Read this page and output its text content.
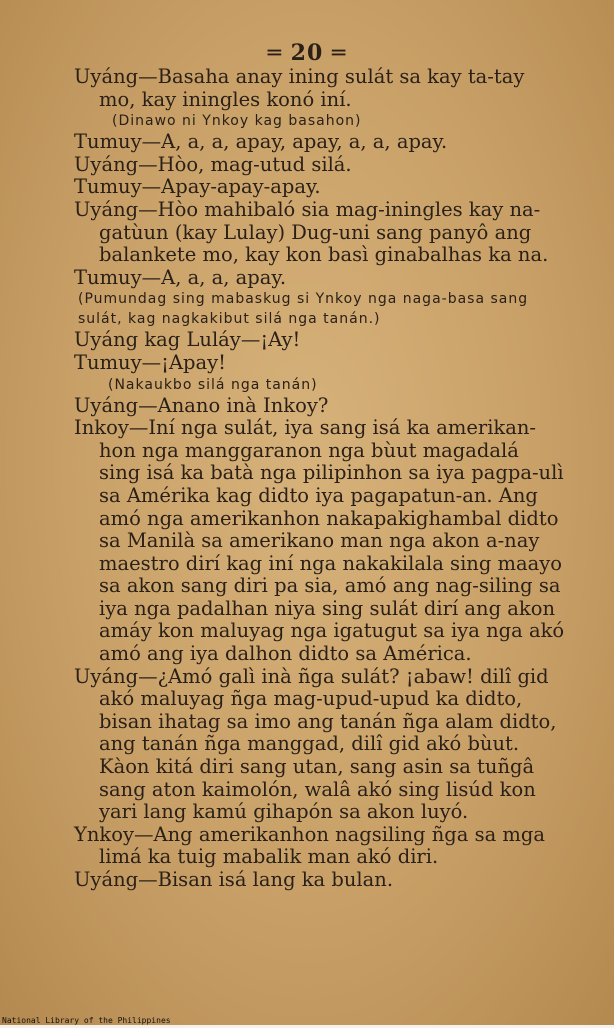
═ 20 ═

Uyáng—Basaha anay ining sulát sa kay ta-tay mo, kay iningles konó iní.

(Dinawo ni Ynkoy kag basahon)

Tumuy—A, a, a, apay, apay, a, a, apay.

Uyáng—Hòo, mag-utud silá.

Tumuy—Apay-apay-apay.

Uyáng—Hòo mahibaló sia mag-iningles kay na-gatùun (kay Lulay) Dug-uni sang panyô ang balankete mo, kay kon basì ginabalhas ka na.

Tumuy—A, a, a, apay.

(Pumundag sing mabaskug si Ynkoy nga naga-basa sang sulát, kag nagkakibut silá nga tanán.)

Uyáng kag Luláy—¡Ay!

Tumuy—¡Apay!

(Nakaukbo silá nga tanán)

Uyáng—Anano inà Inkoy?

Inkoy—Iní nga sulát, iya sang isá ka amerikan-hon nga manggaranon nga bùut magadalá sing isá ka batà nga pilipinhon sa iya pagpa-ulì sa Amérika kag didto iya pagapatun-an. Ang amó nga amerikanhon nakapakighambal didto sa Manilà sa amerikano man nga akon a-nay maestro dirí kag iní nga nakakilala sing maayo sa akon sang diri pa sia, amó ang nag-siling sa iya nga padalhan niya sing sulát dirí ang akon amáy kon maluyag nga igatugut sa iya nga akó amó ang iya dalhon didto sa América.

Uyáng—¿Amó galì inà ñga sulát? ¡abaw! dilî gid akó maluyag ñga mag-upud-upud ka didto, bisan ihatag sa imo ang tanán ñga alam didto, ang tanán ñga manggad, dilî gid akó bùut. Kàon kitá diri sang utan, sang asin sa tuñgâ sang aton kaimolón, walâ akó sing lisúd kon yari lang kamú gihapón sa akon luyó.

Ynkoy—Ang amerikanhon nagsiling ñga sa mga limá ka tuig mabalik man akó diri.

Uyáng—Bisan isá lang ka bulan.

National Library of the Philippines
